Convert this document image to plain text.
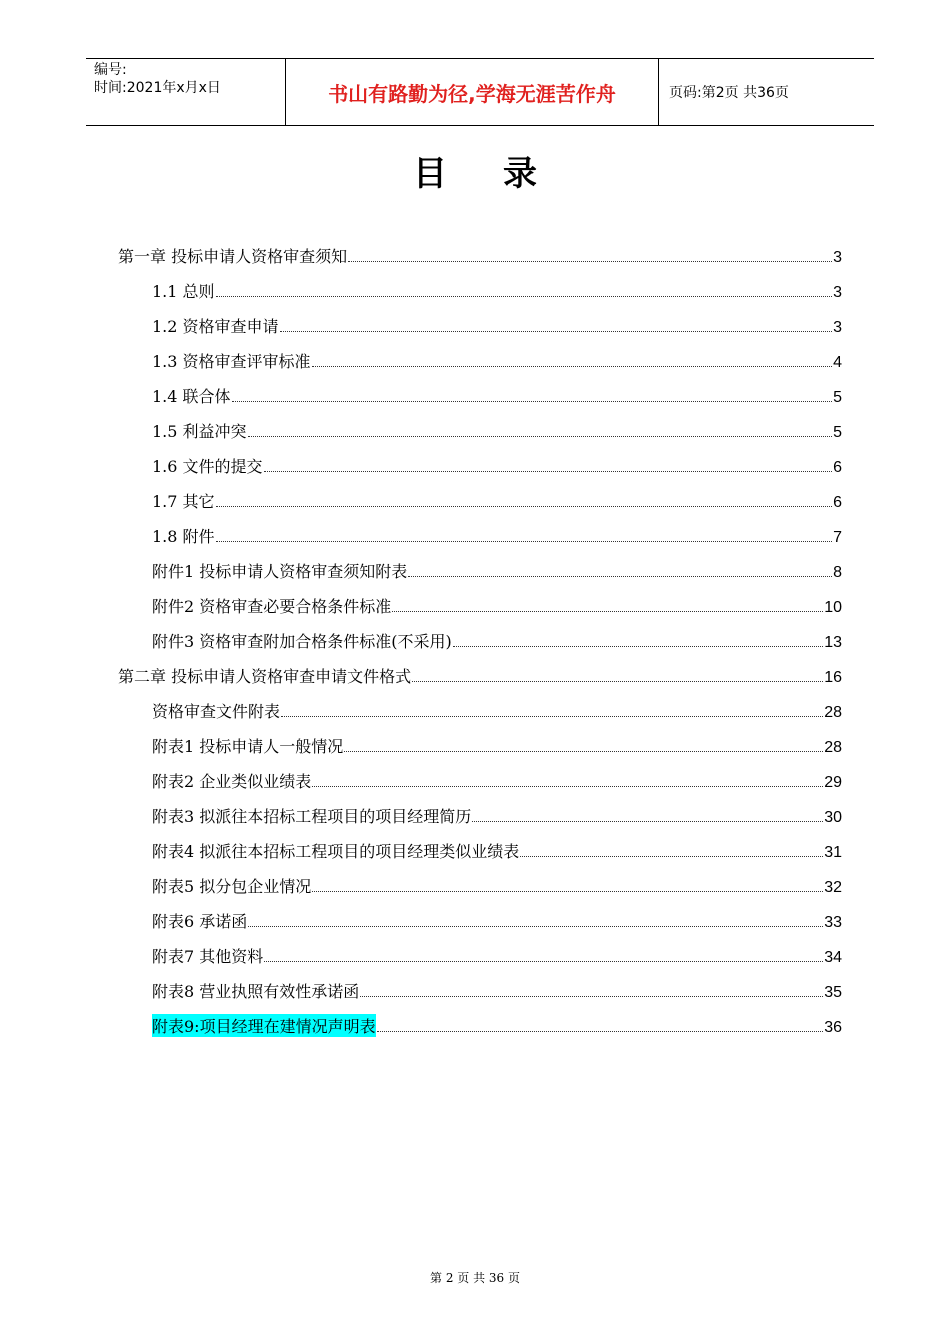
编号:
时间:2021年x月x日	书山有路勤为径,学海无涯苦作舟	页码:第2页 共36页
目录
第一章 投标申请人资格审查须知	3
1.1 总则	3
1.2 资格审查申请	3
1.3 资格审查评审标准	4
1.4 联合体	5
1.5 利益冲突	5
1.6 文件的提交	6
1.7 其它	6
1.8 附件	7
附件1 投标申请人资格审查须知附表	8
附件2 资格审查必要合格条件标准	10
附件3 资格审查附加合格条件标准(不采用)	13
第二章 投标申请人资格审查申请文件格式	16
资格审查文件附表	28
附表1 投标申请人一般情况	28
附表2 企业类似业绩表	29
附表3 拟派往本招标工程项目的项目经理简历	30
附表4 拟派往本招标工程项目的项目经理类似业绩表	31
附表5 拟分包企业情况	32
附表6 承诺函	33
附表7 其他资料	34
附表8 营业执照有效性承诺函	35
附表9:项目经理在建情况声明表	36
第 2 页 共 36 页
